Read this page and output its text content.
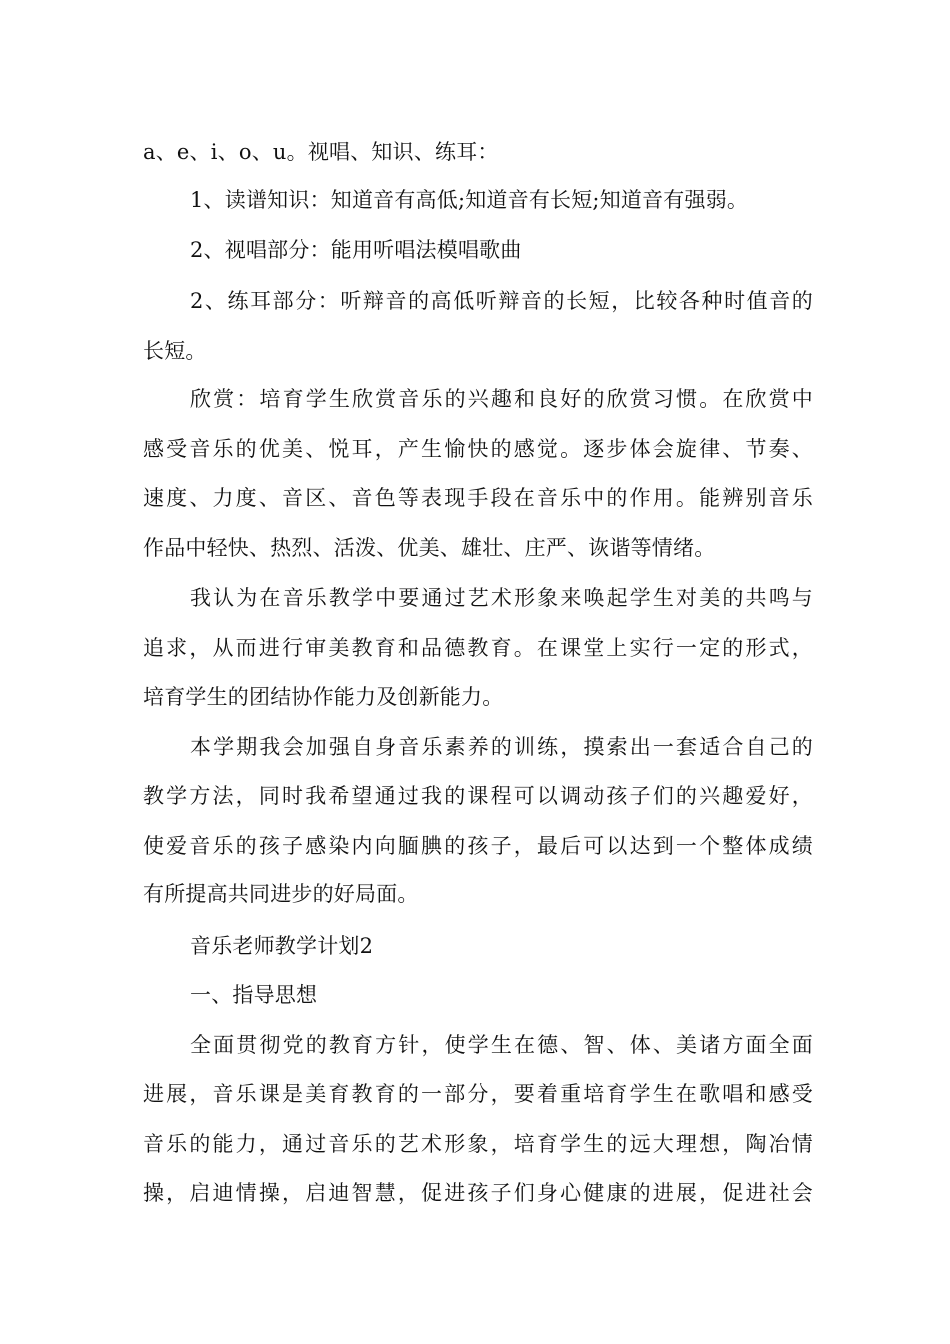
a、e、i、o、u。视唱、知识、练耳：
1、读谱知识：知道音有高低;知道音有长短;知道音有强弱。
2、视唱部分：能用听唱法模唱歌曲
2、练耳部分：听辩音的高低听辩音的长短，比较各种时值音的
长短。
欣赏：培育学生欣赏音乐的兴趣和良好的欣赏习惯。在欣赏中
感受音乐的优美、悦耳，产生愉快的感觉。逐步体会旋律、节奏、
速度、力度、音区、音色等表现手段在音乐中的作用。能辨别音乐
作品中轻快、热烈、活泼、优美、雄壮、庄严、诙谐等情绪。
我认为在音乐教学中要通过艺术形象来唤起学生对美的共鸣与
追求，从而进行审美教育和品德教育。在课堂上实行一定的形式，
培育学生的团结协作能力及创新能力。
本学期我会加强自身音乐素养的训练，摸索出一套适合自己的
教学方法，同时我希望通过我的课程可以调动孩子们的兴趣爱好，
使爱音乐的孩子感染内向腼腆的孩子，最后可以达到一个整体成绩
有所提高共同进步的好局面。
音乐老师教学计划2
一、指导思想
全面贯彻党的教育方针，使学生在德、智、体、美诸方面全面
进展，音乐课是美育教育的一部分，要着重培育学生在歌唱和感受
音乐的能力，通过音乐的艺术形象，培育学生的远大理想，陶冶情
操，启迪情操，启迪智慧，促进孩子们身心健康的进展，促进社会
